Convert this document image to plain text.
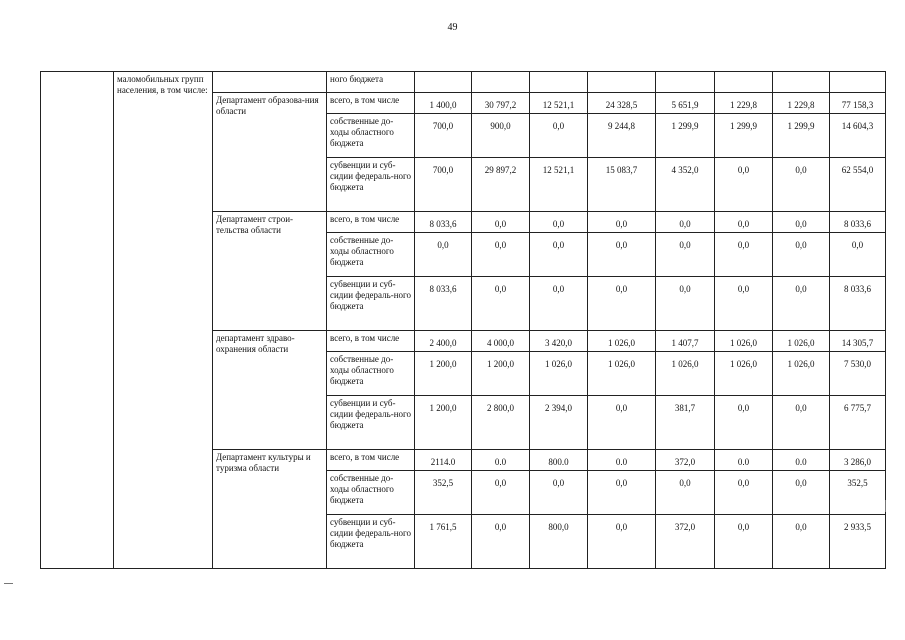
49
	маломобильных групп населения, в том числе:		ного бюджета								
		Департамент образова-ния области	всего, в том числе	1 400,0	30 797,2	12 521,1	24 328,5	5 651,9	1 229,8	1 229,8	77 158,3
			собственные до-ходы областного бюджета	700,0	900,0	0,0	9 244,8	1 299,9	1 299,9	1 299,9	14 604,3
			субвенции и суб-сидии федераль-ного бюджета	700,0	29 897,2	12 521,1	15 083,7	4 352,0	0,0	0,0	62 554,0
		Департамент строи-тельства области	всего, в том числе	8 033,6	0,0	0,0	0,0	0,0	0,0	0,0	8 033,6
			собственные до-ходы областного бюджета	0,0	0,0	0,0	0,0	0,0	0,0	0,0	0,0
			субвенции и суб-сидии федераль-ного бюджета	8 033,6	0,0	0,0	0,0	0,0	0,0	0,0	8 033,6
		департамент здраво-охранения области	всего, в том числе	2 400,0	4 000,0	3 420,0	1 026,0	1 407,7	1 026,0	1 026,0	14 305,7
			собственные до-ходы областного бюджета	1 200,0	1 200,0	1 026,0	1 026,0	1 026,0	1 026,0	1 026,0	7 530,0
			субвенции и суб-сидии федераль-ного бюджета	1 200,0	2 800,0	2 394,0	0,0	381,7	0,0	0,0	6 775,7
		Департамент культуры и туризма области	всего, в том числе	2114.0	0.0	800.0	0.0	372,0	0.0	0.0	3 286,0
			собственные до-ходы областного бюджета	352,5	0,0	0,0	0,0	0,0	0,0	0,0	352,5
			субвенции и суб-сидии федераль-ного бюджета	1 761,5	0,0	800,0	0,0	372,0	0,0	0,0	2 933,5
